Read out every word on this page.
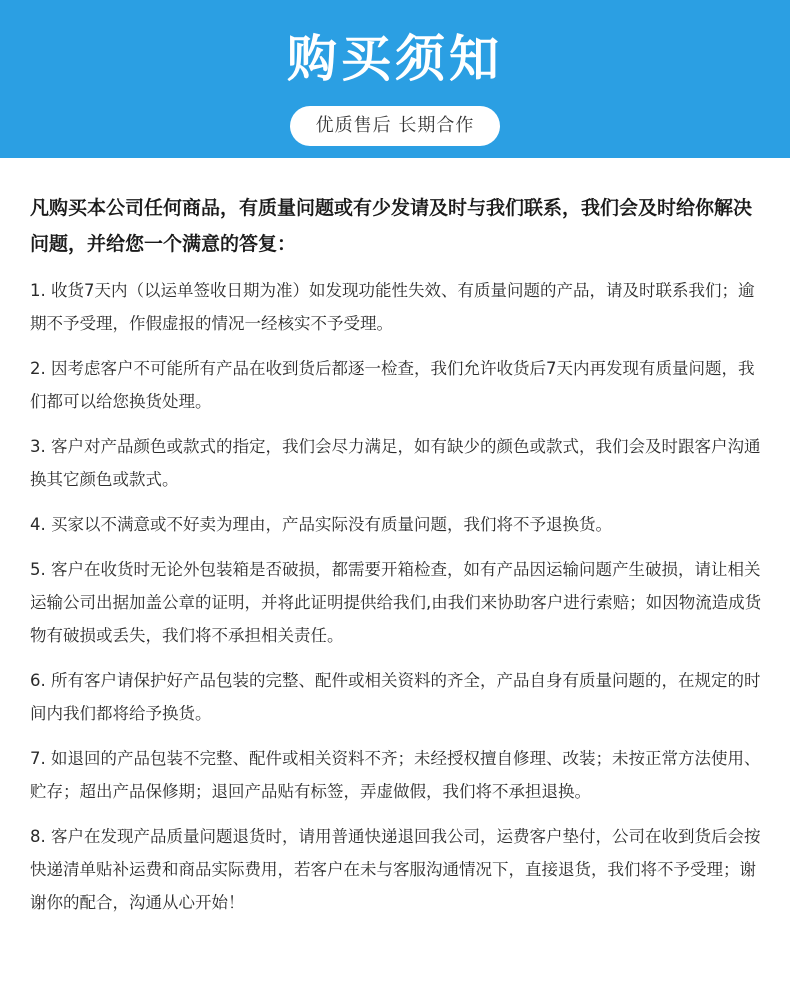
购买须知
优质售后 长期合作

凡购买本公司任何商品，有质量问题或有少发请及时与我们联系，我们会及时给你解决问题，并给您一个满意的答复：

1. 收货7天内（以运单签收日期为准）如发现功能性失效、有质量问题的产品，请及时联系我们；逾期不予受理，作假虚报的情况一经核实不予受理。

2. 因考虑客户不可能所有产品在收到货后都逐一检查，我们允许收货后7天内再发现有质量问题，我们都可以给您换货处理。

3. 客户对产品颜色或款式的指定，我们会尽力满足，如有缺少的颜色或款式，我们会及时跟客户沟通换其它颜色或款式。

4. 买家以不满意或不好卖为理由，产品实际没有质量问题，我们将不予退换货。

5. 客户在收货时无论外包装箱是否破损，都需要开箱检查，如有产品因运输问题产生破损，请让相关运输公司出据加盖公章的证明，并将此证明提供给我们,由我们来协助客户进行索赔；如因物流造成货物有破损或丢失，我们将不承担相关责任。

6. 所有客户请保护好产品包装的完整、配件或相关资料的齐全，产品自身有质量问题的，在规定的时间内我们都将给予换货。

7. 如退回的产品包装不完整、配件或相关资料不齐；未经授权擅自修理、改装；未按正常方法使用、贮存；超出产品保修期；退回产品贴有标签，弄虚做假，我们将不承担退换。

8. 客户在发现产品质量问题退货时，请用普通快递退回我公司，运费客户垫付，公司在收到货后会按快递清单贴补运费和商品实际费用，若客户在未与客服沟通情况下，直接退货，我们将不予受理；谢谢你的配合，沟通从心开始！
